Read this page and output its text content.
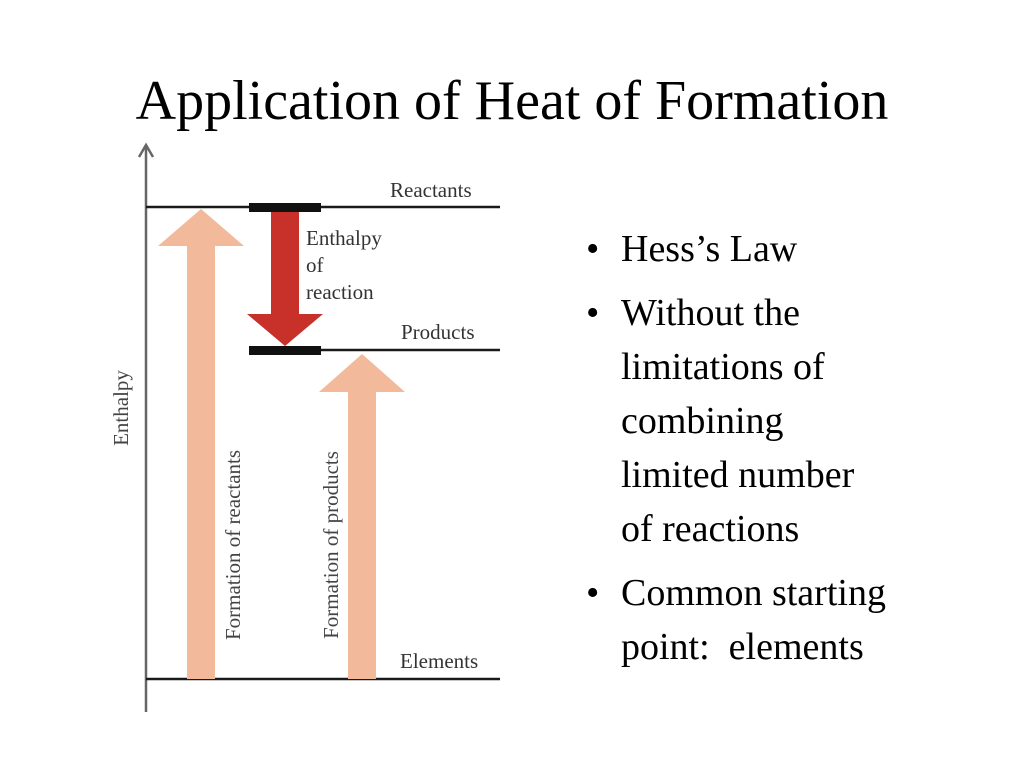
Application of Heat of Formation
Enthalpy
Reactants
Products
Elements
Formation of reactants	Formation of products
Enthalpy
of
reaction
• Hess’s Law
• Without the
limitations of
combining
limited number
of reactions
• Common starting
point:  elements
